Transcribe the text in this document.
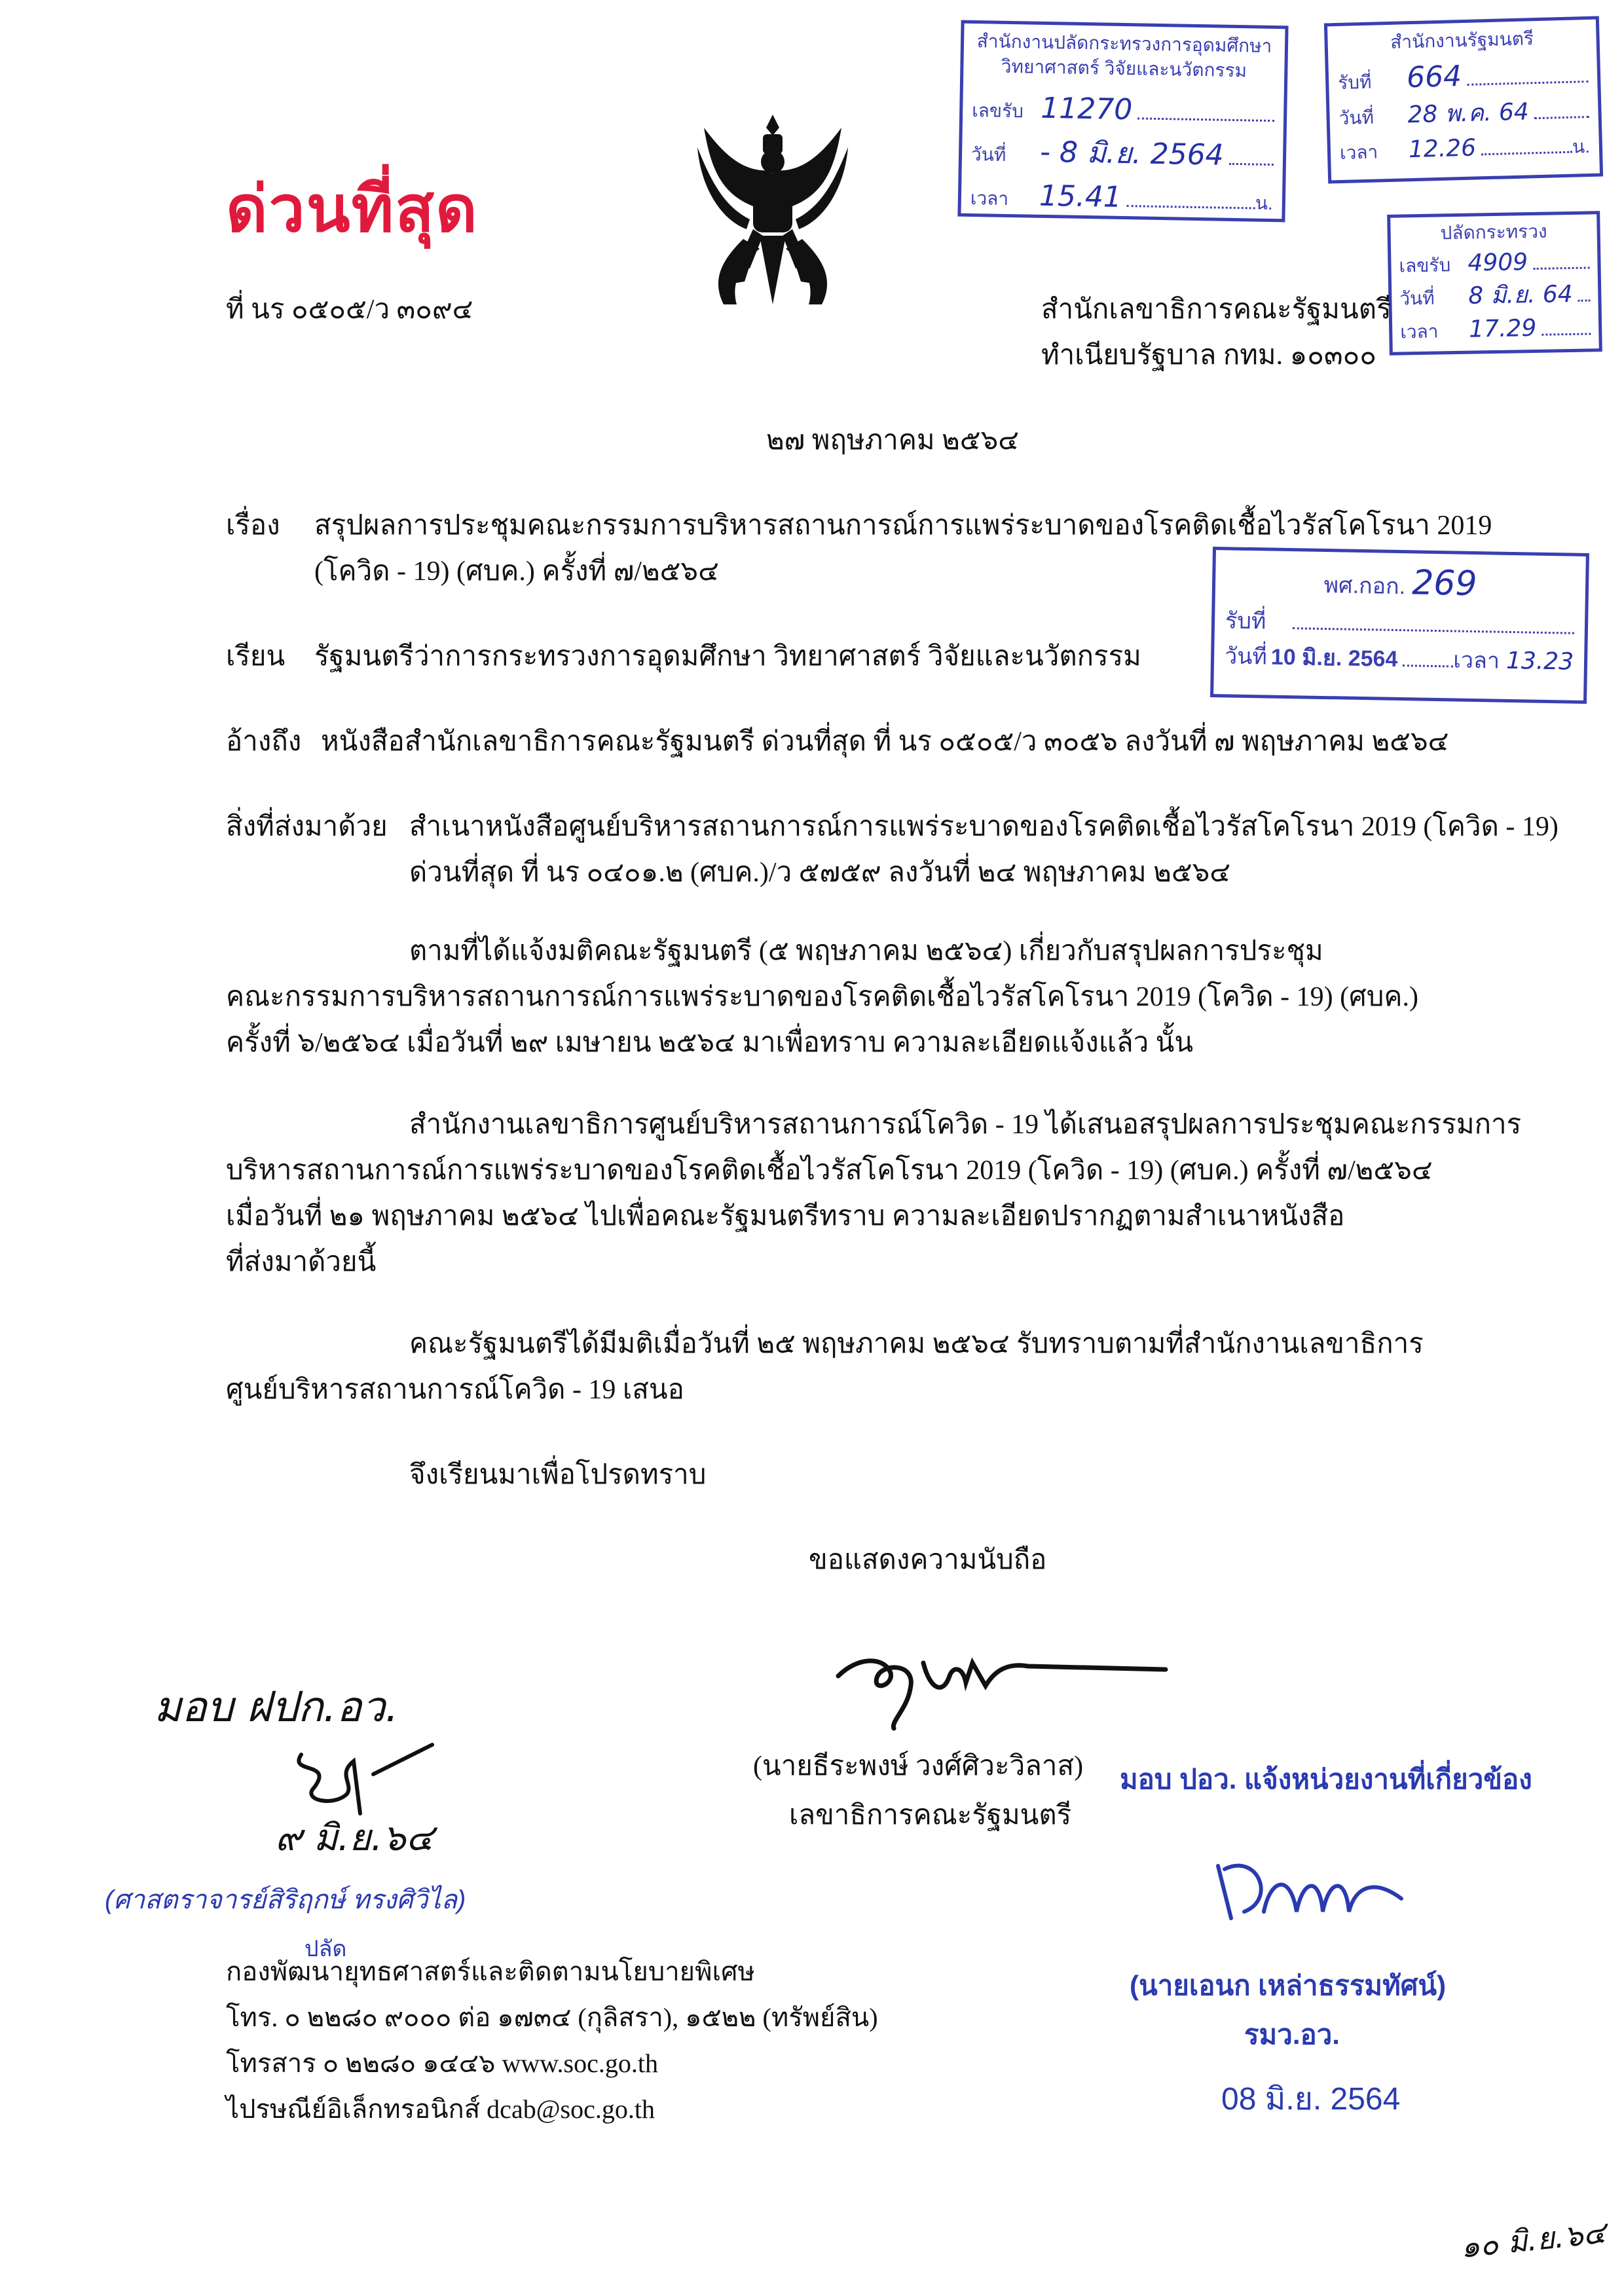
ด่วนที่สุด
สำนักงานปลัดกระทรวงการอุดมศึกษา
วิทยาศาสตร์ วิจัยและนวัตกรรม
เลขรับ 11270
วันที่	- 8 มิ.ย. 2564
เวลา	15.41	น.
สำนักงานรัฐมนตรี
รับที่	664
วันที่	28 พ.ค. 64
เวลา	12.26	น.
ปลัดกระทรวง
เลขรับ 4909
วันที่	8 มิ.ย. 64
เวลา	17.29
ที่ นร ๐๕๐๕/ว ๓๐๙๔	สำนักเลขาธิการคณะรัฐมนตรี
ทำเนียบรัฐบาล กทม. ๑๐๓๐๐
๒๗ พฤษภาคม ๒๕๖๔
เรื่อง สรุปผลการประชุมคณะกรรมการบริหารสถานการณ์การแพร่ระบาดของโรคติดเชื้อไวรัสโคโรนา 2019
(โควิด - 19) (ศบค.) ครั้งที่ ๗/๒๕๖๔	พศ.กอก. 269
รับที่
วันที่ 10 มิ.ย. 2564 เวลา 13.23
เรียน รัฐมนตรีว่าการกระทรวงการอุดมศึกษา วิทยาศาสตร์ วิจัยและนวัตกรรม
อ้างถึง หนังสือสำนักเลขาธิการคณะรัฐมนตรี ด่วนที่สุด ที่ นร ๐๕๐๕/ว ๓๐๕๖ ลงวันที่ ๗ พฤษภาคม ๒๕๖๔
สิ่งที่ส่งมาด้วย สำเนาหนังสือศูนย์บริหารสถานการณ์การแพร่ระบาดของโรคติดเชื้อไวรัสโคโรนา 2019 (โควิด - 19)
ด่วนที่สุด ที่ นร ๐๔๐๑.๒ (ศบค.)/ว ๕๗๕๙ ลงวันที่ ๒๔ พฤษภาคม ๒๕๖๔
ตามที่ได้แจ้งมติคณะรัฐมนตรี (๕ พฤษภาคม ๒๕๖๔) เกี่ยวกับสรุปผลการประชุม
คณะกรรมการบริหารสถานการณ์การแพร่ระบาดของโรคติดเชื้อไวรัสโคโรนา 2019 (โควิด - 19) (ศบค.)
ครั้งที่ ๖/๒๕๖๔ เมื่อวันที่ ๒๙ เมษายน ๒๕๖๔ มาเพื่อทราบ ความละเอียดแจ้งแล้ว นั้น
สำนักงานเลขาธิการศูนย์บริหารสถานการณ์โควิด - 19 ได้เสนอสรุปผลการประชุมคณะกรรมการ
บริหารสถานการณ์การแพร่ระบาดของโรคติดเชื้อไวรัสโคโรนา 2019 (โควิด - 19) (ศบค.) ครั้งที่ ๗/๒๕๖๔
เมื่อวันที่ ๒๑ พฤษภาคม ๒๕๖๔ ไปเพื่อคณะรัฐมนตรีทราบ ความละเอียดปรากฏตามสำเนาหนังสือ
ที่ส่งมาด้วยนี้
คณะรัฐมนตรีได้มีมติเมื่อวันที่ ๒๕ พฤษภาคม ๒๕๖๔ รับทราบตามที่สำนักงานเลขาธิการ
ศูนย์บริหารสถานการณ์โควิด - 19 เสนอ
จึงเรียนมาเพื่อโปรดทราบ
ขอแสดงความนับถือ
(นายธีระพงษ์ วงศ์ศิวะวิลาส)
เลขาธิการคณะรัฐมนตรี
มอบ ฝปก.อว.
๙ มิ.ย.๖๔
(ศาสตราจารย์สิริฤกษ์ ทรงศิวิไล)
ปลัด
มอบ ปอว. แจ้งหน่วยงานที่เกี่ยวข้อง
(นายเอนก เหล่าธรรมทัศน์)
รมว.อว.
08 มิ.ย. 2564
กองพัฒนายุทธศาสตร์และติดตามนโยบายพิเศษ
โทร. ๐ ๒๒๘๐ ๙๐๐๐ ต่อ ๑๗๓๔ (กุลิสรา), ๑๕๒๒ (ทรัพย์สิน)
โทรสาร ๐ ๒๒๘๐ ๑๔๔๖ www.soc.go.th
ไปรษณีย์อิเล็กทรอนิกส์ dcab@soc.go.th
๑๐ มิ.ย.๖๔
